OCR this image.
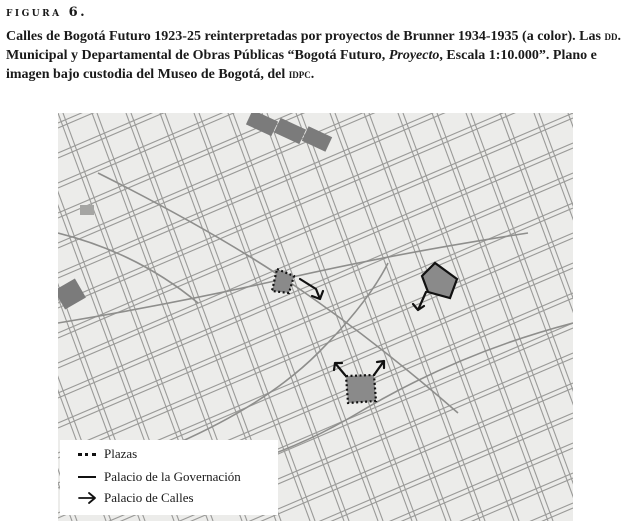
figura 6.
Calles de Bogotá Futuro 1923-25 reinterpretadas por proyectos de Brunner 1934-1935 (a color). Las dd. Municipal y Departamental de Obras Públicas “Bogotá Futuro, Proyecto, Escala 1:10.000”. Plano e imagen bajo custodia del Museo de Bogotá, del idpc.
Plazas
Palacio de la Governación
Palacio de Calles
